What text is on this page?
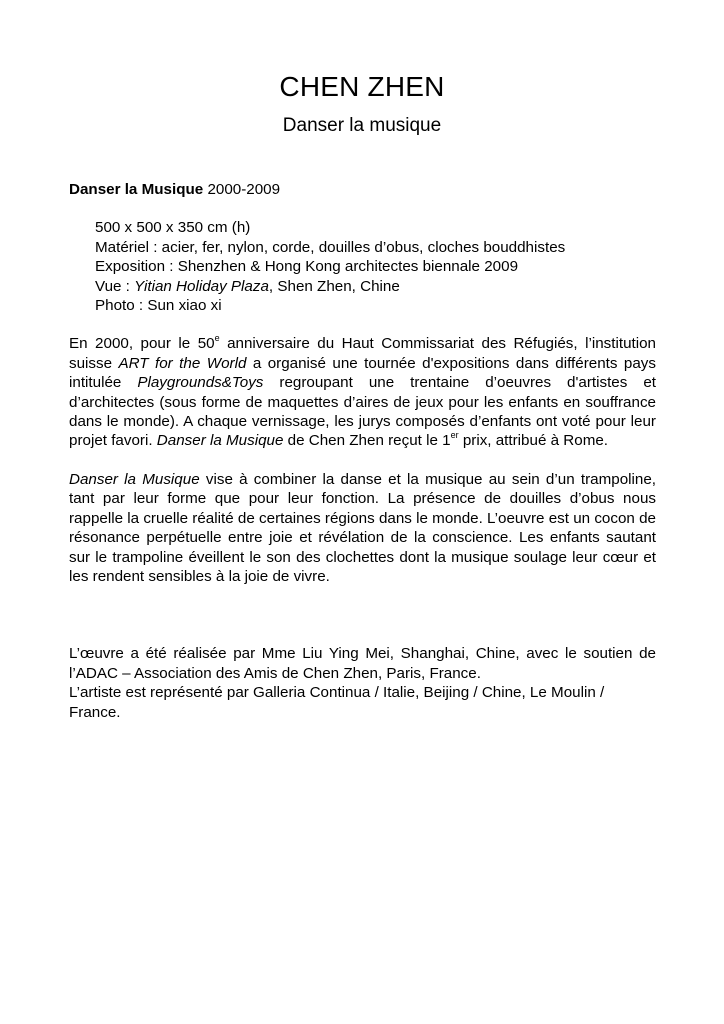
CHEN ZHEN
Danser la musique

Danser la Musique 2000-2009

500 x 500 x 350 cm (h)
Matériel : acier, fer, nylon, corde, douilles d’obus, cloches bouddhistes
Exposition : Shenzhen & Hong Kong architectes biennale 2009
Vue : Yitian Holiday Plaza, Shen Zhen, Chine
Photo : Sun xiao xi

En 2000, pour le 50e anniversaire du Haut Commissariat des Réfugiés, l’institution suisse ART for the World a organisé une tournée d'expositions dans différents pays intitulée Playgrounds&Toys regroupant une trentaine d’oeuvres d'artistes et d’architectes (sous forme de maquettes d’aires de jeux pour les enfants en souffrance dans le monde). A chaque vernissage, les jurys composés d’enfants ont voté pour leur projet favori. Danser la Musique de Chen Zhen reçut le 1er prix, attribué à Rome.

Danser la Musique vise à combiner la danse et la musique au sein d’un trampoline, tant par leur forme que pour leur fonction. La présence de douilles d’obus nous rappelle la cruelle réalité de certaines régions dans le monde. L’oeuvre est un cocon de résonance perpétuelle entre joie et révélation de la conscience. Les enfants sautant sur le trampoline éveillent le son des clochettes dont la musique soulage leur cœur et les rendent sensibles à la joie de vivre.

L’œuvre a été réalisée par Mme Liu Ying Mei, Shanghai, Chine, avec le soutien de l’ADAC – Association des Amis de Chen Zhen, Paris, France.

L’artiste est représenté par Galleria Continua / Italie, Beijing / Chine, Le Moulin / France.
